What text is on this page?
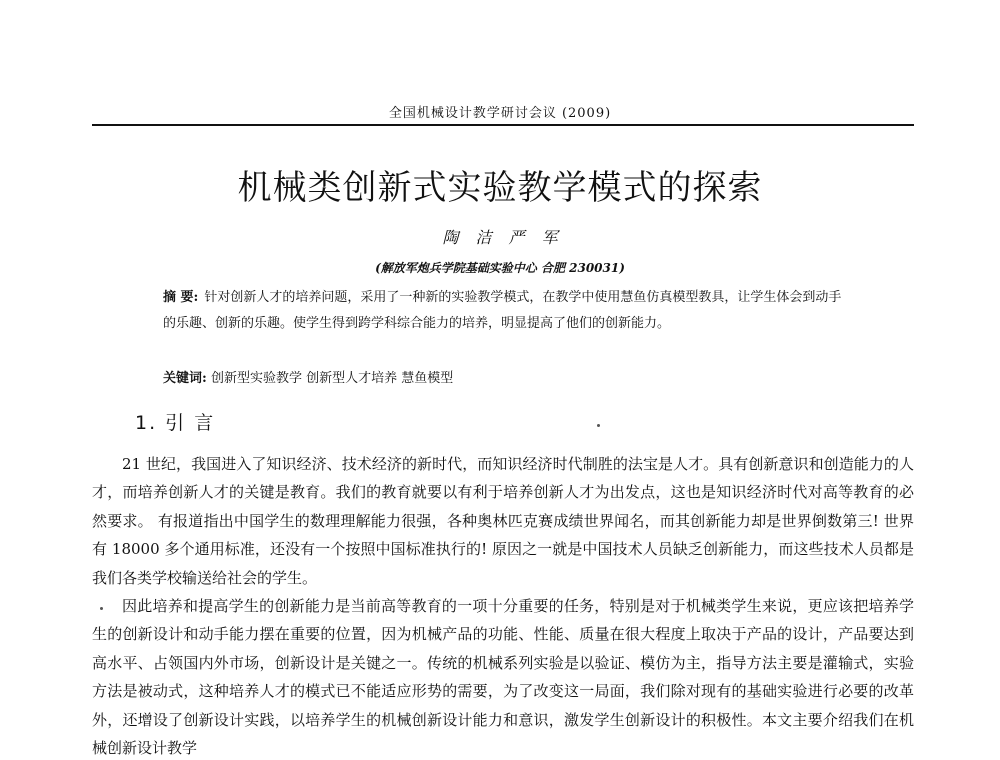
全国机械设计教学研讨会议 (2009)
机械类创新式实验教学模式的探索
陶 洁 严 军
(解放军炮兵学院基础实验中心 合肥 230031)
摘 要: 针对创新人才的培养问题，采用了一种新的实验教学模式，在教学中使用慧鱼仿真模型教具，让学生体会到动手的乐趣、创新的乐趣。使学生得到跨学科综合能力的培养，明显提高了他们的创新能力。
关键词: 创新型实验教学 创新型人才培养 慧鱼模型
1. 引 言

21 世纪，我国进入了知识经济、技术经济的新时代，而知识经济时代制胜的法宝是人才。具有创新意识和创造能力的人才，而培养创新人才的关键是教育。我们的教育就要以有利于培养创新人才为出发点，这也是知识经济时代对高等教育的必然要求。 有报道指出中国学生的数理理解能力很强，各种奥林匹克赛成绩世界闻名，而其创新能力却是世界倒数第三! 世界有 18000 多个通用标准，还没有一个按照中国标准执行的! 原因之一就是中国技术人员缺乏创新能力，而这些技术人员都是我们各类学校输送给社会的学生。

因此培养和提高学生的创新能力是当前高等教育的一项十分重要的任务，特别是对于机械类学生来说，更应该把培养学生的创新设计和动手能力摆在重要的位置，因为机械产品的功能、性能、质量在很大程度上取决于产品的设计，产品要达到高水平、占领国内外市场，创新设计是关键之一。传统的机械系列实验是以验证、模仿为主，指导方法主要是灌输式，实验方法是被动式，这种培养人才的模式已不能适应形势的需要，为了改变这一局面，我们除对现有的基础实验进行必要的改革外，还增设了创新设计实践，以培养学生的机械创新设计能力和意识，激发学生创新设计的积极性。本文主要介绍我们在机械创新设计教学
